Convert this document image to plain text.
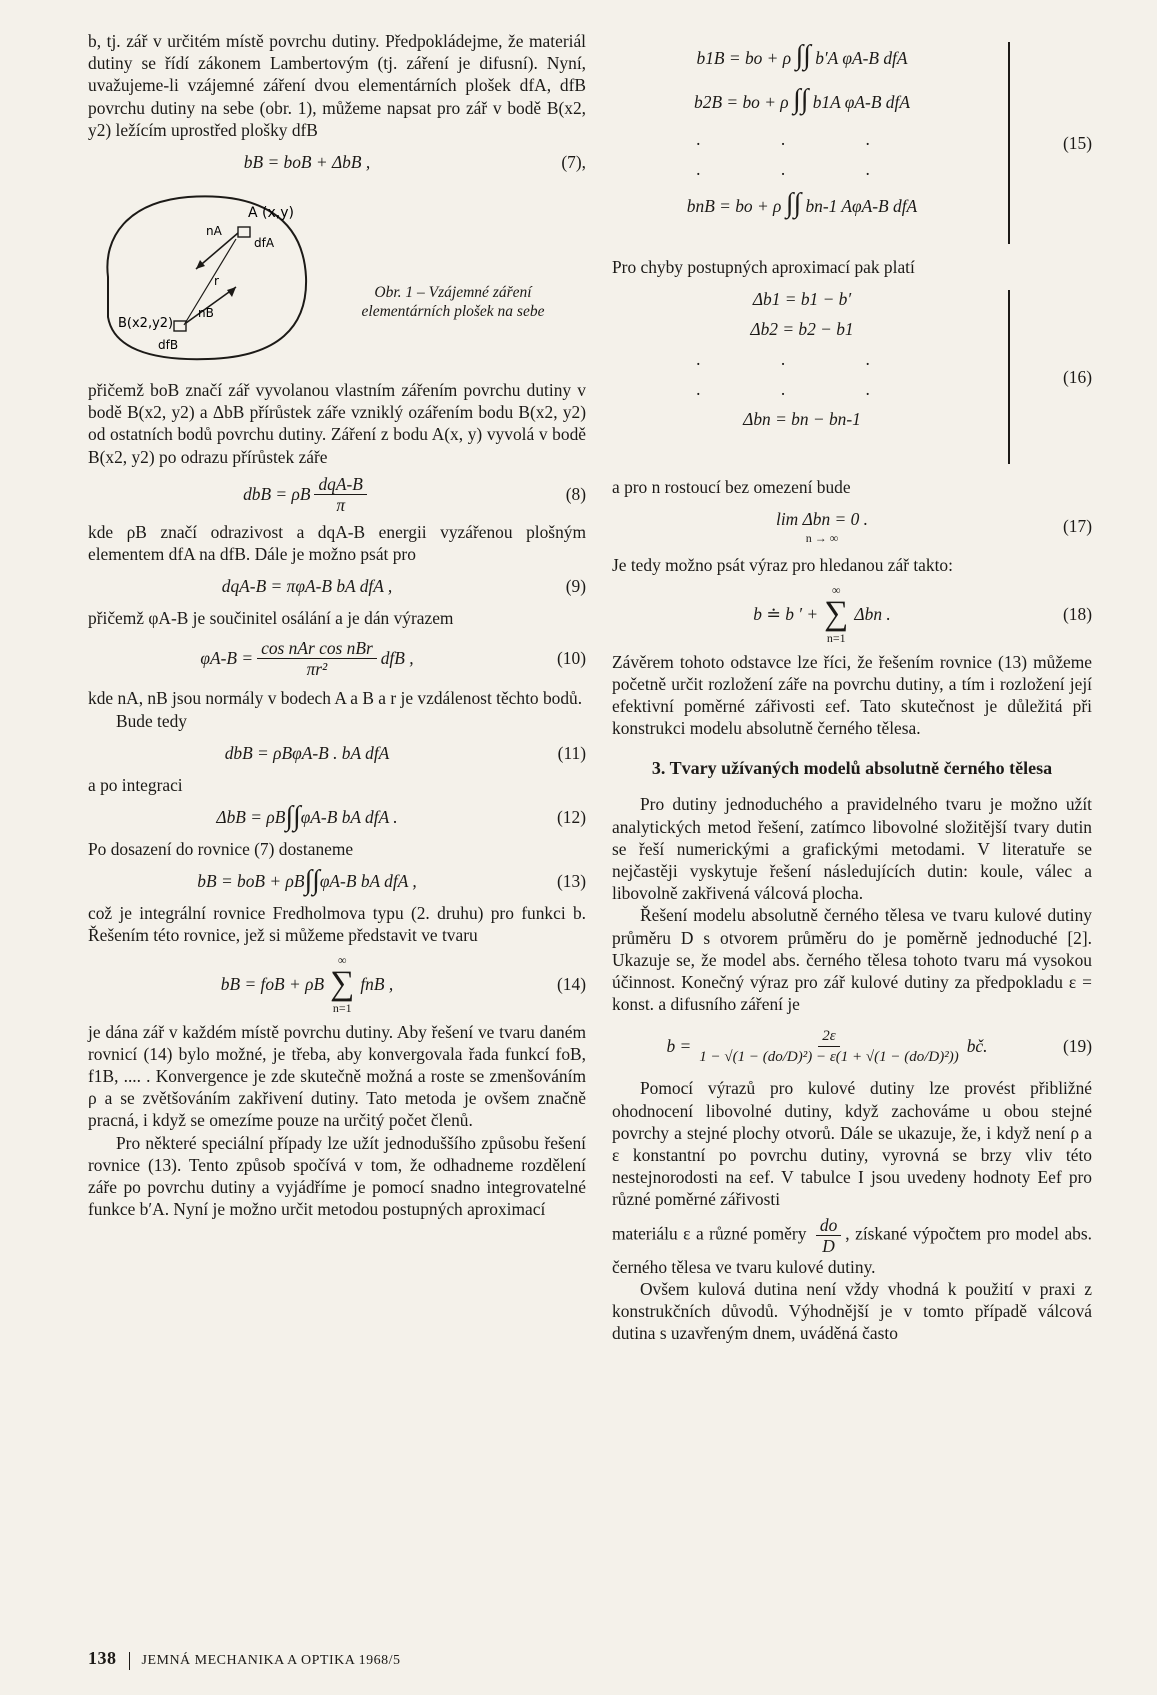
b, tj. zář v určitém místě povrchu dutiny. Předpokládejme, že materiál dutiny se řídí zákonem Lambertovým (tj. záření je difusní). Nyní, uvažujeme-li vzájemné záření dvou elementárních plošek dfA, dfB povrchu dutiny na sebe (obr. 1), můžeme napsat pro zář v bodě B(x2, y2) ležícím uprostřed plošky dfB

bB = boB + ΔbB ,	(7),
A (x,y)
nA
dfA
r
B(x2,y2)
nB
dfB
Obr. 1 – Vzájemné záření elementárních plošek na sebe

přičemž boB značí zář vyvolanou vlastním zářením povrchu dutiny v bodě B(x2, y2) a ΔbB přírůstek záře vzniklý ozářením bodu B(x2, y2) od ostatních bodů povrchu dutiny. Záření z bodu A(x, y) vyvolá v bodě B(x2, y2) po odrazu přírůstek záře

dbB = ρB $\frac{\text{dqA-B}}{\pi}$	(8)

kde ρB značí odrazivost a dqA-B energii vyzářenou plošným elementem dfA na dfB. Dále je možno psát pro

dqA-B = πφA-B bA dfA ,	(9)

přičemž φA-B je součinitel osálání a je dán výrazem

$\varphi A-B = \frac{\text{cos nAr cos nBr}}{\text{πr²}}$ dfB ,	(10)

kde nA, nB jsou normály v bodech A a B a r je vzdálenost těchto bodů.

Bude tedy

dbB = ρBφA-B . bA dfA	(11)

a po integraci

ΔbB = ρB ∫∫ φA-B bA dfA .	(12)

Po dosazení do rovnice (7) dostaneme

bB = boB + ρB ∫∫ φA-B bA dfA ,	(13)

což je integrální rovnice Fredholmova typu (2. druhu) pro funkci b. Řešením této rovnice, jež si můžeme představit ve tvaru

bB = foB + ρB
∞
∑
n=1
fnB ,	(14)

je dána zář v každém místě povrchu dutiny. Aby řešení ve tvaru daném rovnicí (14) bylo možné, je třeba, aby konvergovala řada funkcí foB, f1B, .... . Konvergence je zde skutečně možná a roste se zmenšováním ρ a se zvětšováním zakřivení dutiny. Tato metoda je ovšem značně pracná, i když se omezíme pouze na určitý počet členů.

Pro některé speciální případy lze užít jednoduššího způsobu řešení rovnice (13). Tento způsob spočívá v tom, že odhadneme rozdělení záře po povrchu dutiny a vyjádříme je pomocí snadno integrovatelné funkce b′A. Nyní je možno určit metodou postupných aproximací

b1B = bo + ρ ∫∫ b′A φA-B dfA
b2B = bo + ρ ∫∫ b1A φA-B dfA
. . .
. . .
bnB = bo + ρ ∫∫ bn-1 AφA-B dfA
(15)

Pro chyby postupných aproximací pak platí

Δb1 = b1 − b′
Δb2 = b2 − b1
. . .
. . .
Δbn = bn − bn-1
(16)

a pro n rostoucí bez omezení bude

lim Δbn = 0 .
n → ∞
(17)

Je tedy možno psát výraz pro hledanou zář takto:

b ≐ b ′ +
∞
∑
n=1
Δbn .	(18)

Závěrem tohoto odstavce lze říci, že řešením rovnice (13) můžeme početně určit rozložení záře na povrchu dutiny, a tím i rozložení její efektivní poměrné zářivosti εef. Tato skutečnost je důležitá při konstrukci modelu absolutně černého tělesa.

3. Tvary užívaných modelů absolutně černého tělesa

Pro dutiny jednoduchého a pravidelného tvaru je možno užít analytických metod řešení, zatímco libovolné složitější tvary dutin se řeší numerickými a grafickými metodami. V literatuře se nejčastěji vyskytuje řešení následujících dutin: koule, válec a libovolně zakřivená válcová plocha.

Řešení modelu absolutně černého tělesa ve tvaru kulové dutiny průměru D s otvorem průměru do je poměrně jednoduché [2]. Ukazuje se, že model abs. černého tělesa tohoto tvaru má vysokou účinnost. Konečný výraz pro zář kulové dutiny za předpokladu ε = konst. a difusního záření je

$b = \frac{2\varepsilon}{\text{1 − √(1 − (do/D)²) − ε(1 + √(1 − (do/D)²))}}$ bč.	(19)

Pomocí výrazů pro kulové dutiny lze provést přibližné ohodnocení libovolné dutiny, když zachováme u obou stejné povrchy a stejné plochy otvorů. Dále se ukazuje, že, i když není ρ a ε konstantní po povrchu dutiny, vyrovná se brzy vliv této nestejnorodosti na εef. V tabulce I jsou uvedeny hodnoty Eef pro různé poměrné zářivosti

materiálu ε a různé poměry $\frac{do}{D}$ , získané výpočtem pro model abs. černého tělesa ve tvaru kulové dutiny.

Ovšem kulová dutina není vždy vhodná k použití v praxi z konstrukčních důvodů. Výhodnější je v tomto případě válcová dutina s uzavřeným dnem, uváděná často

138 JEMNÁ MECHANIKA A OPTIKA 1968/5
